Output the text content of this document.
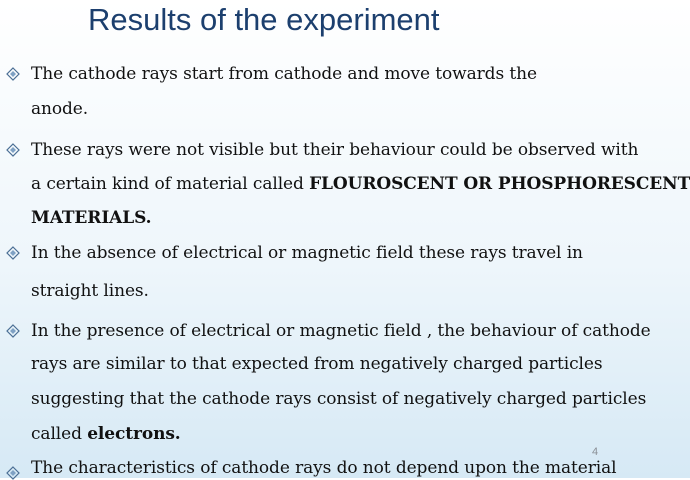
Results of the experiment
The cathode rays start from cathode and move towards the
anode.
These rays were not visible but their behaviour could be observed with
a certain kind of material called FLOUROSCENT OR PHOSPHORESCENT
MATERIALS.
In the absence of electrical or magnetic field these rays travel in
straight lines.
In the presence of electrical or magnetic field , the behaviour of cathode
rays are similar to that expected from negatively charged particles
suggesting that the cathode rays consist of negatively charged particles
called electrons.
4
The characteristics of cathode rays do not depend upon the material
